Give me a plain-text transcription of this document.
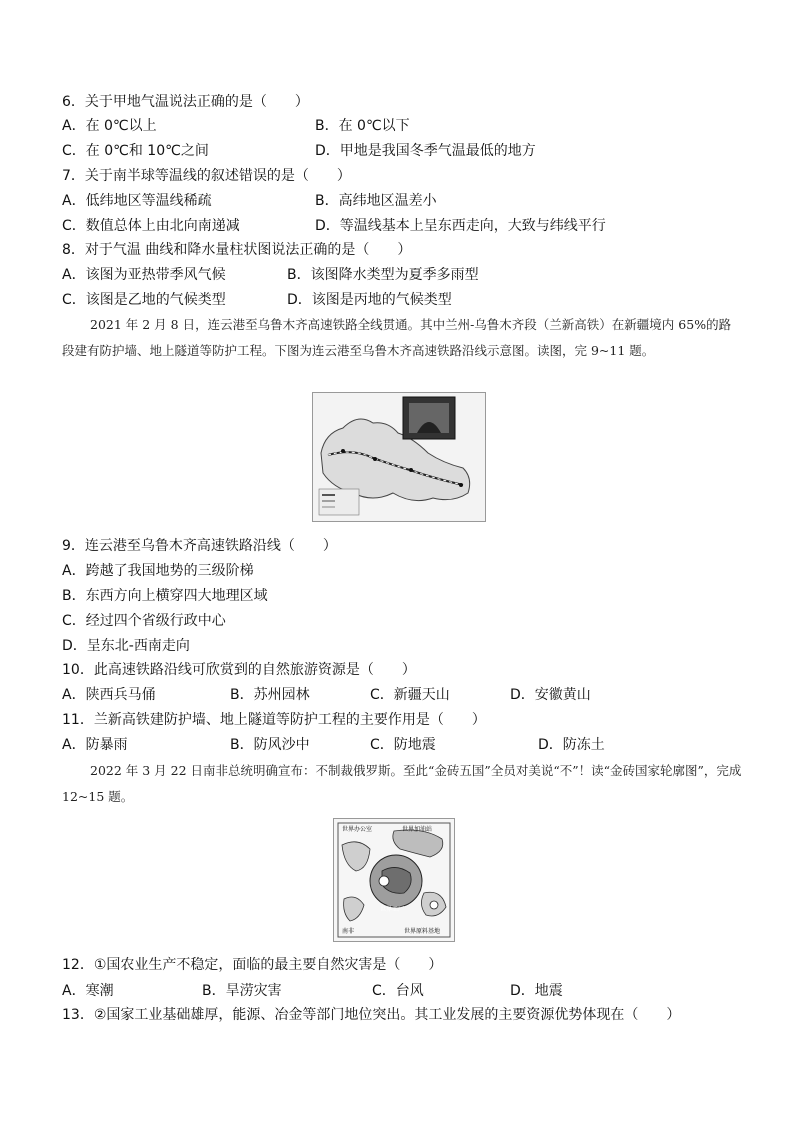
6．关于甲地气温说法正确的是（　　）
A．在 0℃以上	B．在 0℃以下
C．在 0℃和 10℃之间	D．甲地是我国冬季气温最低的地方
7．关于南半球等温线的叙述错误的是（　　）
A．低纬地区等温线稀疏	B．高纬地区温差小
C．数值总体上由北向南递减	D．等温线基本上呈东西走向，大致与纬线平行
8．对于气温 曲线和降水量柱状图说法正确的是（　　）
A．该图为亚热带季风气候	B．该图降水类型为夏季多雨型
C．该图是乙地的气候类型	D．该图是丙地的气候类型

2021 年 2 月 8 日，连云港至乌鲁木齐高速铁路全线贯通。其中兰州-乌鲁木齐段（兰新高铁）在新疆境内 65%的路段建有防护墙、地上隧道等防护工程。下图为连云港至乌鲁木齐高速铁路沿线示意图。读图，完 9~11 题。

9．连云港至乌鲁木齐高速铁路沿线（　　）
A．跨越了我国地势的三级阶梯
B．东西方向上横穿四大地理区域
C．经过四个省级行政中心
D．呈东北-西南走向
10．此高速铁路沿线可欣赏到的自然旅游资源是（　　）
A．陕西兵马俑	B．苏州园林	C．新疆天山	D．安徽黄山
11．兰新高铁建防护墙、地上隧道等防护工程的主要作用是（　　）
A．防暴雨	B．防风沙中	C．防地震	D．防冻土

2022 年 3 月 22 日南非总统明确宣布：不制裁俄罗斯。至此“金砖五国”全员对美说“不”！读“金砖国家轮廓图”，完成 12~15 题。

世界办公室	世界加油站
世界工厂
南非	世界原料基地
12．①国农业生产不稳定，面临的最主要自然灾害是（　　）
A．寒潮	B．旱涝灾害	C．台风	D．地震
13．②国家工业基础雄厚，能源、冶金等部门地位突出。其工业发展的主要资源优势体现在（　　）
